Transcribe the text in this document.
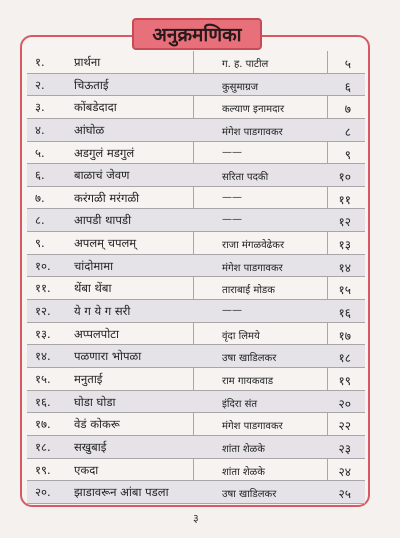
अनुक्रमणिका
१.	प्रार्थना	ग. ह. पाटील	५
२.	चिऊताई	कुसुमाग्रज	६
३.	कोंबडेदादा	कल्याण इनामदार	७
४.	आंघोळ	मंगेश पाडगावकर	८
५.	अडगुलं मडगुलं	——	९
६.	बाळाचं जेवण	सरिता पदकी	१०
७.	करंगळी मरंगळी	——	११
८.	आपडी थापडी	——	१२
९.	अपलम् चपलम्	राजा मंगळवेढेकर	१३
१०. चांदोमामा	मंगेश पाडगावकर	१४
११. थेंबा थेंबा	ताराबाई मोडक	१५
१२. ये ग ये ग सरी	——	१६
१३. अप्पलपोटा	वृंदा लिमये	१७
१४. पळणारा भोपळा	उषा खाडिलकर	१८
१५. मनुताई	राम गायकवाड	१९
१६. घोडा घोडा	इंदिरा संत	२०
१७. वेडं कोकरू	मंगेश पाडगावकर	२२
१८. सखुबाई	शांता शेळके	२३
१९. एकदा	शांता शेळके	२४
२०. झाडावरून आंबा पडला	उषा खाडिलकर	२५
३
